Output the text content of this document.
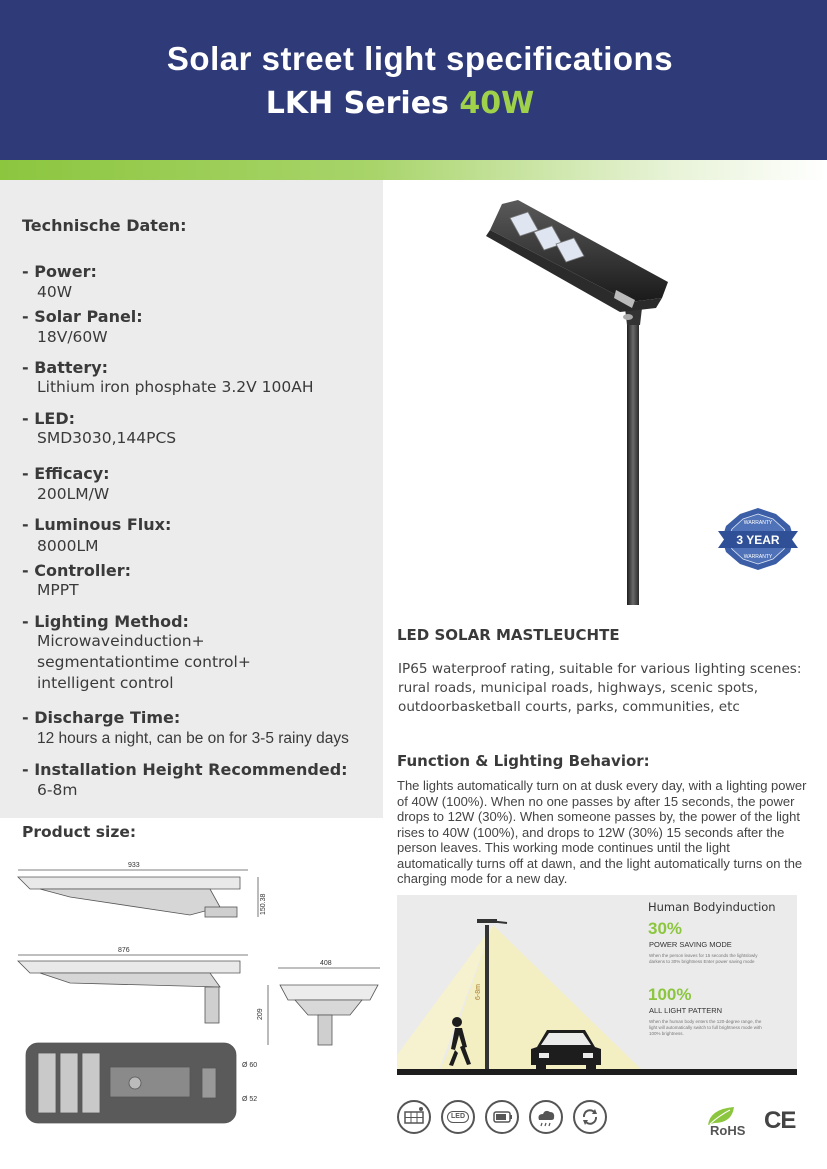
Solar street light specifications
LKH Series 40W
Technische Daten:
- Power:
40W
- Solar Panel:
18V/60W
- Battery:
Lithium iron phosphate 3.2V 100AH
- LED:
SMD3030,144PCS
- Efficacy:
200LM/W
- Luminous Flux:
8000LM
- Controller:
MPPT
- Lighting Method:
Microwaveinduction+
segmentationtime control+
intelligent control
- Discharge Time:
12 hours a night, can be on for 3-5 rainy days
- Installation Height Recommended:
6-8m
WARRANTY
3 YEAR
WARRANTY
LED SOLAR MASTLEUCHTE
IP65 waterproof rating, suitable for various lighting scenes:
rural roads, municipal roads, highways, scenic spots,
outdoorbasketball courts, parks, communities, etc
Function & Lighting Behavior:
The lights automatically turn on at dusk every day, with a lighting power of 40W (100%). When no one passes by after 15 seconds, the power drops to 12W (30%). When someone passes by, the power of the light rises to 40W (100%), and drops to 12W (30%) 15 seconds after the person leaves. This working mode continues until the light automatically turns off at dawn, and the light automatically turns on the charging mode for a new day.
Product size:
933
150.38
876
408
209
Ø 60
Ø 52
6-8m
Human Bodyinduction
30%
POWER SAVING MODE
When the person leaves for 15 seconds the lightslowly darkens to 30% brightness Enter power saving mode
100%
ALL LIGHT PATTERN
When the human body enters the 120-degree range, the light will automatically switch to full brightness mode with 100% brightness.
LED
RoHS CE
